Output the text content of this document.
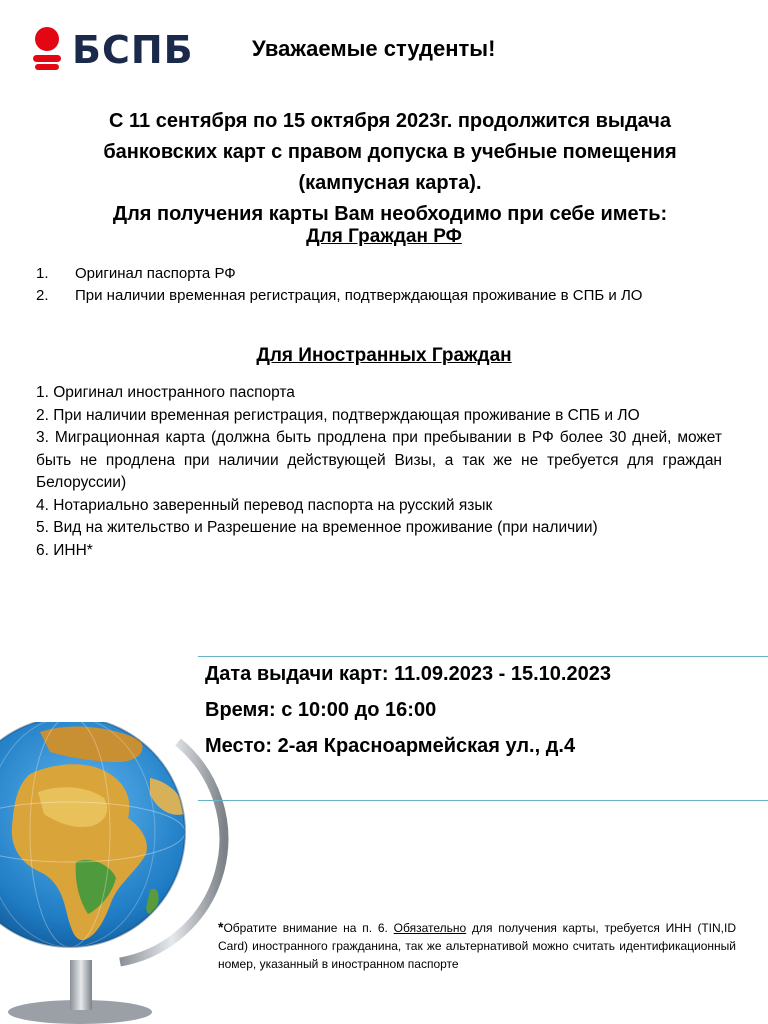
БСПБ	Уважаемые студенты!
С 11 сентября по 15 октября 2023г. продолжится выдача
банковских карт с правом допуска в учебные помещения
(кампусная карта).
Для получения карты Вам необходимо при себе иметь:
Для Граждан РФ
1. Оригинал паспорта РФ
2. При наличии временная регистрация, подтверждающая проживание в СПБ и ЛО
Для Иностранных Граждан
1. Оригинал иностранного паспорта
2. При наличии временная регистрация, подтверждающая проживание в СПБ и ЛО
3. Миграционная карта (должна быть продлена при пребывании в РФ более 30 дней, может быть не продлена при наличии действующей Визы, а так же не требуется для граждан Белоруссии)
4. Нотариально заверенный перевод паспорта на русский язык
5. Вид на жительство и Разрешение на временное проживание (при наличии)
6. ИНН*
Дата выдачи карт: 11.09.2023 - 15.10.2023
Время: с 10:00 до 16:00
Место: 2-ая Красноармейская ул., д.4
*Обратите внимание на п. 6. Обязательно для получения карты, требуется ИНН (TIN,ID Card) иностранного гражданина, так же альтернативой можно считать идентификационный номер, указанный в иностранном паспорте
